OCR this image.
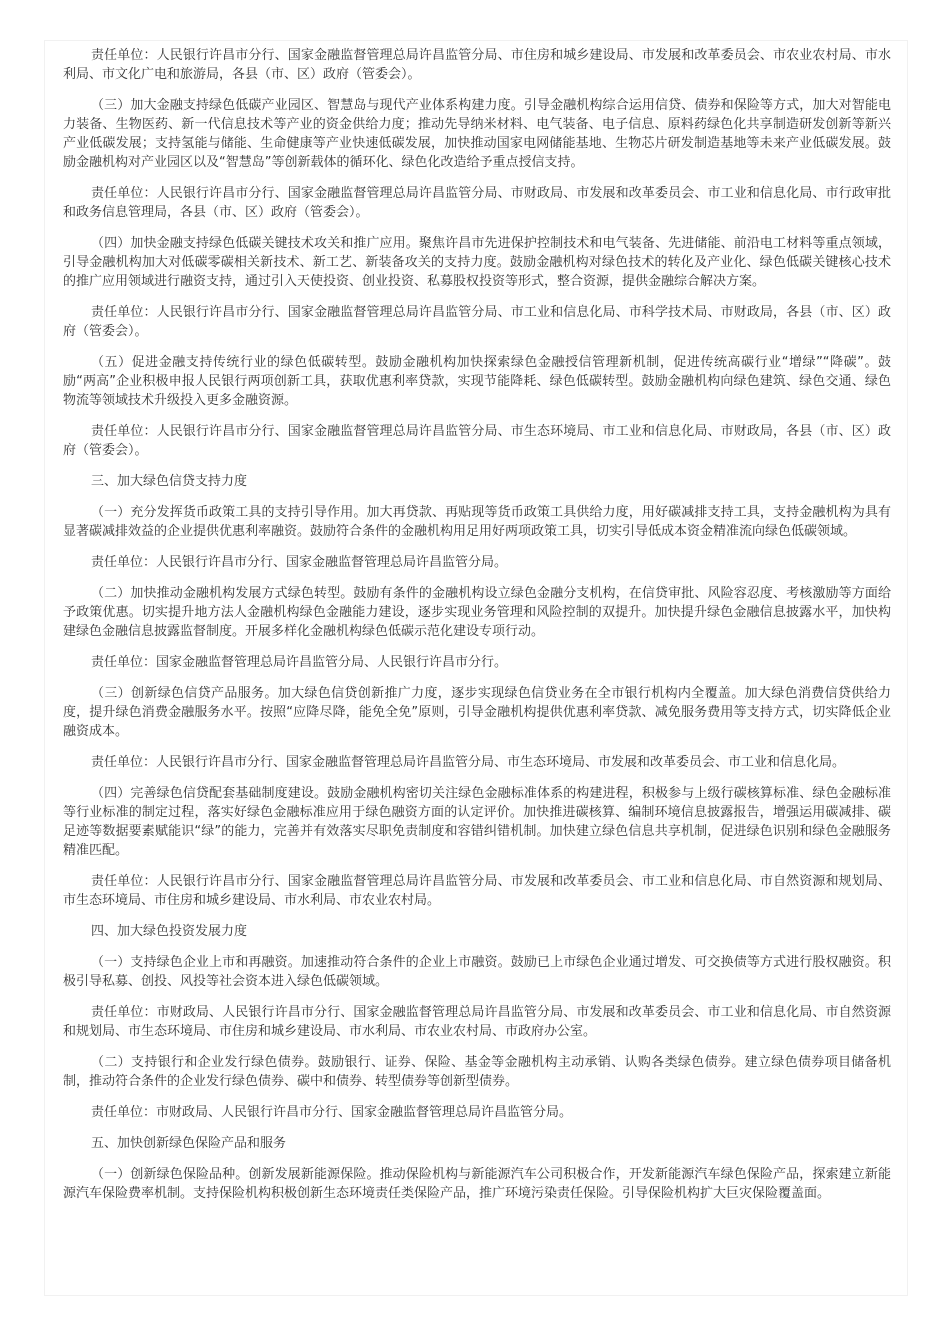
责任单位：人民银行许昌市分行、国家金融监督管理总局许昌监管分局、市住房和城乡建设局、市发展和改革委员会、市农业农村局、市水利局、市文化广电和旅游局，各县（市、区）政府（管委会）。

（三）加大金融支持绿色低碳产业园区、智慧岛与现代产业体系构建力度。引导金融机构综合运用信贷、债券和保险等方式，加大对智能电力装备、生物医药、新一代信息技术等产业的资金供给力度；推动先导纳米材料、电气装备、电子信息、原料药绿色化共享制造研发创新等新兴产业低碳发展；支持氢能与储能、生命健康等产业快速低碳发展，加快推动国家电网储能基地、生物芯片研发制造基地等未来产业低碳发展。鼓励金融机构对产业园区以及“智慧岛”等创新载体的循环化、绿色化改造给予重点授信支持。

责任单位：人民银行许昌市分行、国家金融监督管理总局许昌监管分局、市财政局、市发展和改革委员会、市工业和信息化局、市行政审批和政务信息管理局，各县（市、区）政府（管委会）。

（四）加快金融支持绿色低碳关键技术攻关和推广应用。聚焦许昌市先进保护控制技术和电气装备、先进储能、前沿电工材料等重点领域，引导金融机构加大对低碳零碳相关新技术、新工艺、新装备攻关的支持力度。鼓励金融机构对绿色技术的转化及产业化、绿色低碳关键核心技术的推广应用领域进行融资支持，通过引入天使投资、创业投资、私募股权投资等形式，整合资源，提供金融综合解决方案。

责任单位：人民银行许昌市分行、国家金融监督管理总局许昌监管分局、市工业和信息化局、市科学技术局、市财政局，各县（市、区）政府（管委会）。

（五）促进金融支持传统行业的绿色低碳转型。鼓励金融机构加快探索绿色金融授信管理新机制，促进传统高碳行业“增绿”“降碳”。鼓励“两高”企业积极申报人民银行两项创新工具，获取优惠利率贷款，实现节能降耗、绿色低碳转型。鼓励金融机构向绿色建筑、绿色交通、绿色物流等领域技术升级投入更多金融资源。

责任单位：人民银行许昌市分行、国家金融监督管理总局许昌监管分局、市生态环境局、市工业和信息化局、市财政局，各县（市、区）政府（管委会）。

三、加大绿色信贷支持力度

（一）充分发挥货币政策工具的支持引导作用。加大再贷款、再贴现等货币政策工具供给力度，用好碳减排支持工具，支持金融机构为具有显著碳减排效益的企业提供优惠利率融资。鼓励符合条件的金融机构用足用好两项政策工具，切实引导低成本资金精准流向绿色低碳领域。

责任单位：人民银行许昌市分行、国家金融监督管理总局许昌监管分局。

（二）加快推动金融机构发展方式绿色转型。鼓励有条件的金融机构设立绿色金融分支机构，在信贷审批、风险容忍度、考核激励等方面给予政策优惠。切实提升地方法人金融机构绿色金融能力建设，逐步实现业务管理和风险控制的双提升。加快提升绿色金融信息披露水平，加快构建绿色金融信息披露监督制度。开展多样化金融机构绿色低碳示范化建设专项行动。

责任单位：国家金融监督管理总局许昌监管分局、人民银行许昌市分行。

（三）创新绿色信贷产品服务。加大绿色信贷创新推广力度，逐步实现绿色信贷业务在全市银行机构内全覆盖。加大绿色消费信贷供给力度，提升绿色消费金融服务水平。按照“应降尽降，能免全免”原则，引导金融机构提供优惠利率贷款、减免服务费用等支持方式，切实降低企业融资成本。

责任单位：人民银行许昌市分行、国家金融监督管理总局许昌监管分局、市生态环境局、市发展和改革委员会、市工业和信息化局。

（四）完善绿色信贷配套基础制度建设。鼓励金融机构密切关注绿色金融标准体系的构建进程，积极参与上级行碳核算标准、绿色金融标准等行业标准的制定过程，落实好绿色金融标准应用于绿色融资方面的认定评价。加快推进碳核算、编制环境信息披露报告，增强运用碳减排、碳足迹等数据要素赋能识“绿”的能力，完善并有效落实尽职免责制度和容错纠错机制。加快建立绿色信息共享机制，促进绿色识别和绿色金融服务精准匹配。

责任单位：人民银行许昌市分行、国家金融监督管理总局许昌监管分局、市发展和改革委员会、市工业和信息化局、市自然资源和规划局、市生态环境局、市住房和城乡建设局、市水利局、市农业农村局。

四、加大绿色投资发展力度

（一）支持绿色企业上市和再融资。加速推动符合条件的企业上市融资。鼓励已上市绿色企业通过增发、可交换债等方式进行股权融资。积极引导私募、创投、风投等社会资本进入绿色低碳领域。

责任单位：市财政局、人民银行许昌市分行、国家金融监督管理总局许昌监管分局、市发展和改革委员会、市工业和信息化局、市自然资源和规划局、市生态环境局、市住房和城乡建设局、市水利局、市农业农村局、市政府办公室。

（二）支持银行和企业发行绿色债券。鼓励银行、证券、保险、基金等金融机构主动承销、认购各类绿色债券。建立绿色债券项目储备机制，推动符合条件的企业发行绿色债券、碳中和债券、转型债券等创新型债券。

责任单位：市财政局、人民银行许昌市分行、国家金融监督管理总局许昌监管分局。

五、加快创新绿色保险产品和服务

（一）创新绿色保险品种。创新发展新能源保险。推动保险机构与新能源汽车公司积极合作，开发新能源汽车绿色保险产品，探索建立新能源汽车保险费率机制。支持保险机构积极创新生态环境责任类保险产品，推广环境污染责任保险。引导保险机构扩大巨灾保险覆盖面。
